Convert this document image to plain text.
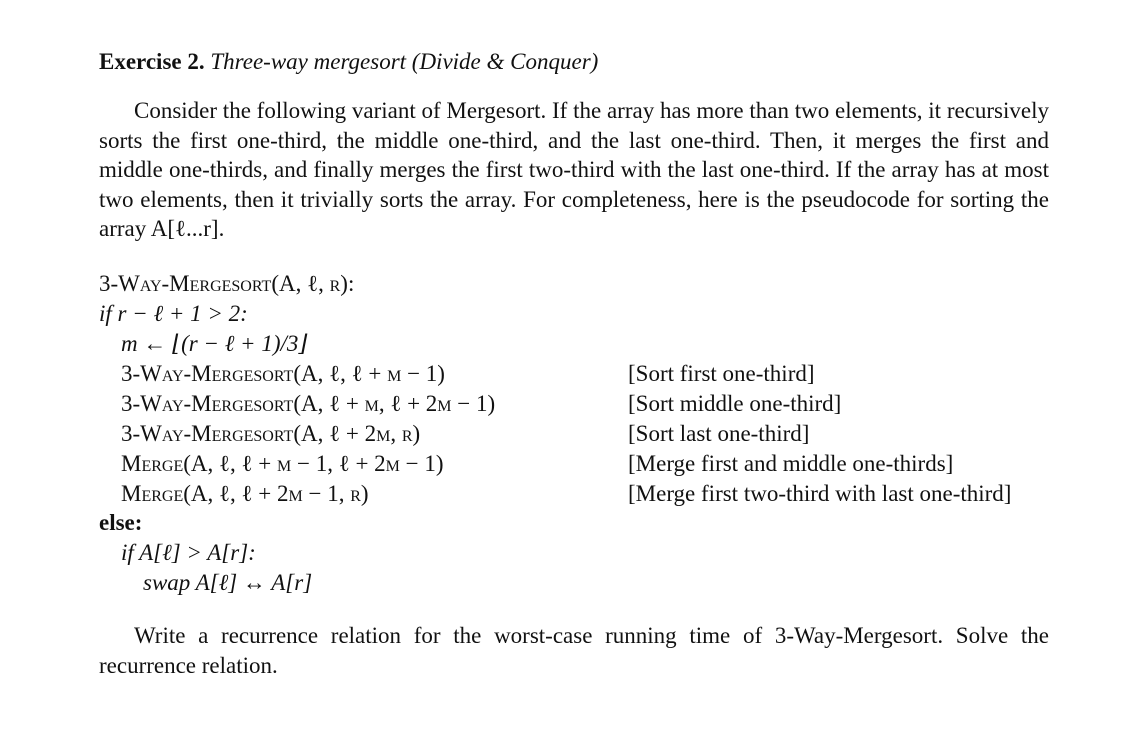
Exercise 2. Three-way mergesort (Divide & Conquer)

Consider the following variant of Mergesort. If the array has more than two elements, it recursively sorts the first one-third, the middle one-third, and the last one-third. Then, it merges the first and middle one-thirds, and finally merges the first two-third with the last one-third. If the array has at most two elements, then it trivially sorts the array. For completeness, here is the pseudocode for sorting the array A[ℓ...r].

3-Way-Mergesort(A, ℓ, r):
if r − ℓ + 1 > 2:
m ← ⌊(r − ℓ + 1)/3⌋
3-Way-Mergesort(A, ℓ, ℓ + m − 1)
3-Way-Mergesort(A, ℓ + m, ℓ + 2m − 1)
3-Way-Mergesort(A, ℓ + 2m, r)
Merge(A, ℓ, ℓ + m − 1, ℓ + 2m − 1)
Merge(A, ℓ, ℓ + 2m − 1, r)
else:
if A[ℓ] > A[r]:
swap A[ℓ] ↔ A[r]
[Sort first one-third]
[Sort middle one-third]
[Sort last one-third]
[Merge first and middle one-thirds]
[Merge first two-third with last one-third]

Write a recurrence relation for the worst-case running time of 3-Way-Mergesort. Solve the recurrence relation.
